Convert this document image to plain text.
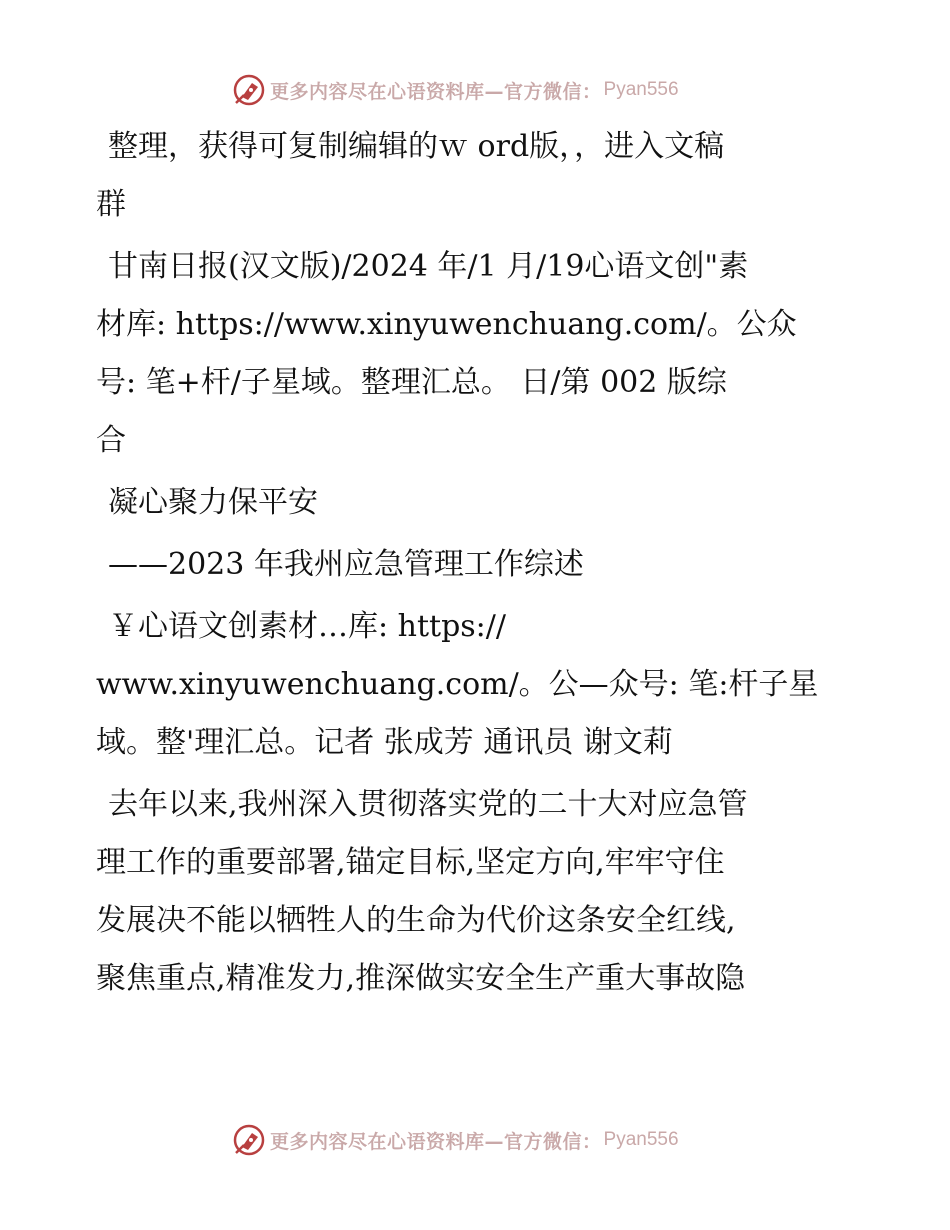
更多内容尽在心语资料库—官方微信： Pyan556
整理，获得可复制编辑的ｗ ord版，，进入文稿
群
甘南日报(汉文版)/2024 年/1 月/19心语文创"素
材库: https://www.xinyuwenchuang.com/。公众
号: 笔+杆/子星域。整理汇总。 日/第 002 版综
合
凝心聚力保平安
——2023 年我州应急管理工作综述
￥心语文创素材…库: https://
www.xinyuwenchuang.com/。公—众号: 笔:杆子星
域。整'理汇总。记者 张成芳 通讯员 谢文莉
去年以来,我州深入贯彻落实党的二十大对应急管
理工作的重要部署,锚定目标,坚定方向,牢牢守住
发展决不能以牺牲人的生命为代价这条安全红线,
聚焦重点,精准发力,推深做实安全生产重大事故隐
更多内容尽在心语资料库—官方微信： Pyan556
